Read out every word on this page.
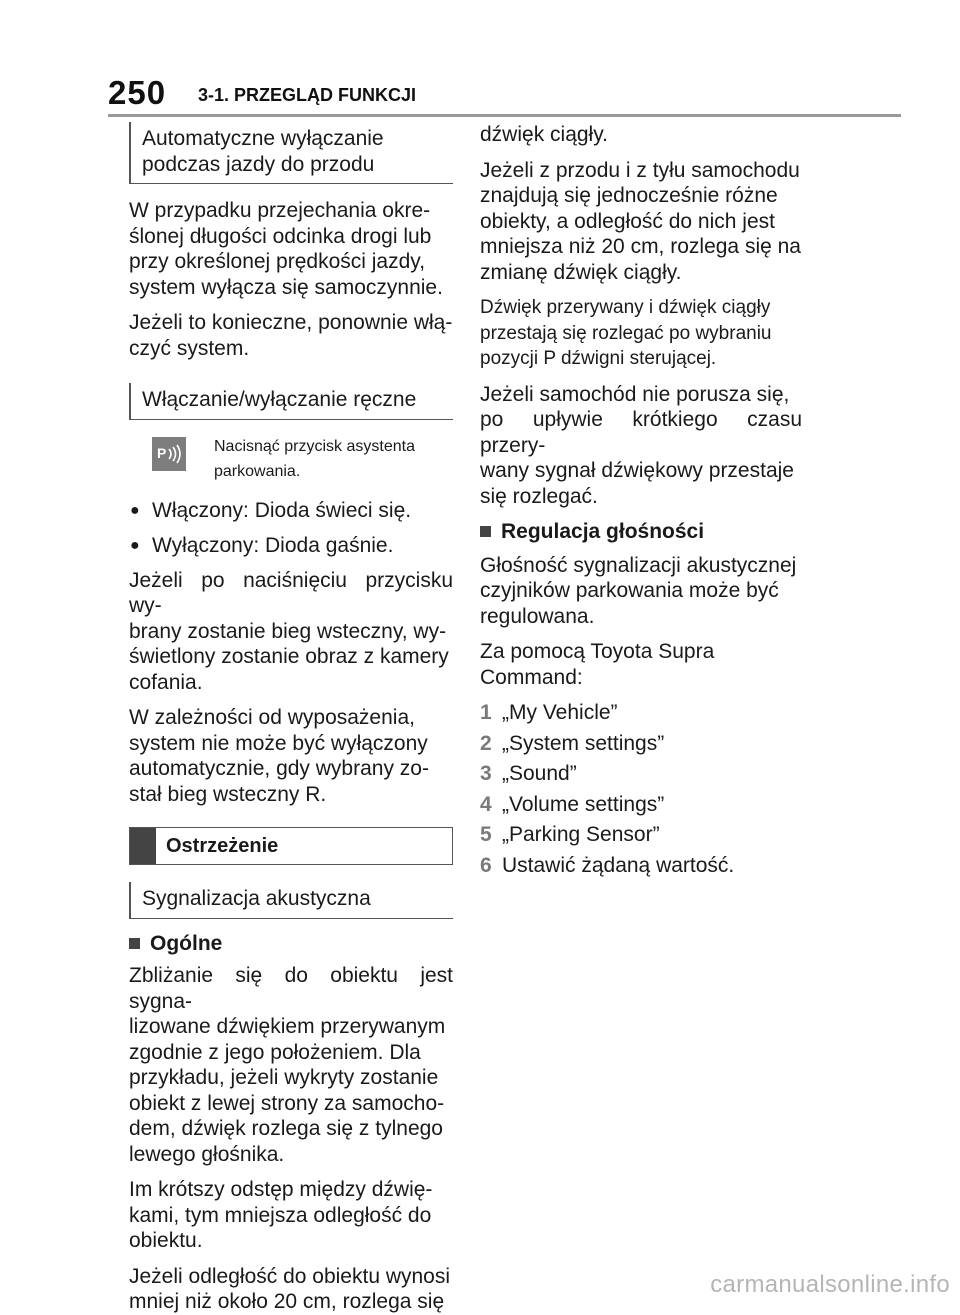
250 3-1. PRZEGLĄD FUNKCJI
Automatyczne wyłączanie
podczas jazdy do przodu

W przypadku przejechania okre-
ślonej długości odcinka drogi lub
przy określonej prędkości jazdy,
system wyłącza się samoczynnie.

Jeżeli to konieczne, ponownie włą-
czyć system.

Włączanie/wyłączanie ręczne
P	Nacisnąć przycisk asystenta
parkowania.
● Włączony: Dioda świeci się.
● Wyłączony: Dioda gaśnie.

Jeżeli po naciśnięciu przycisku wy-
brany zostanie bieg wsteczny, wy-
świetlony zostanie obraz z kamery
cofania.

W zależności od wyposażenia,
system nie może być wyłączony
automatycznie, gdy wybrany zo-
stał bieg wsteczny R.

Ostrzeżenie
Sygnalizacja akustyczna
Ogólne

Zbliżanie się do obiektu jest sygna-
lizowane dźwiękiem przerywanym
zgodnie z jego położeniem. Dla
przykładu, jeżeli wykryty zostanie
obiekt z lewej strony za samocho-
dem, dźwięk rozlega się z tylnego
lewego głośnika.

Im krótszy odstęp między dźwię-
kami, tym mniejsza odległość do
obiektu.

Jeżeli odległość do obiektu wynosi
mniej niż około 20 cm, rozlega się

dźwięk ciągły.

Jeżeli z przodu i z tyłu samochodu
znajdują się jednocześnie różne
obiekty, a odległość do nich jest
mniejsza niż 20 cm, rozlega się na
zmianę dźwięk ciągły.

Dźwięk przerywany i dźwięk ciągły
przestają się rozlegać po wybraniu
pozycji P dźwigni sterującej.

Jeżeli samochód nie porusza się,
po upływie krótkiego czasu przery-
wany sygnał dźwiękowy przestaje
się rozlegać.

Regulacja głośności

Głośność sygnalizacji akustycznej
czyjników parkowania może być
regulowana.

Za pomocą Toyota Supra
Command:

1 „My Vehicle”
2 „System settings”
3 „Sound”
4 „Volume settings”
5 „Parking Sensor”
6 Ustawić żądaną wartość.
carmanualsonline.info
